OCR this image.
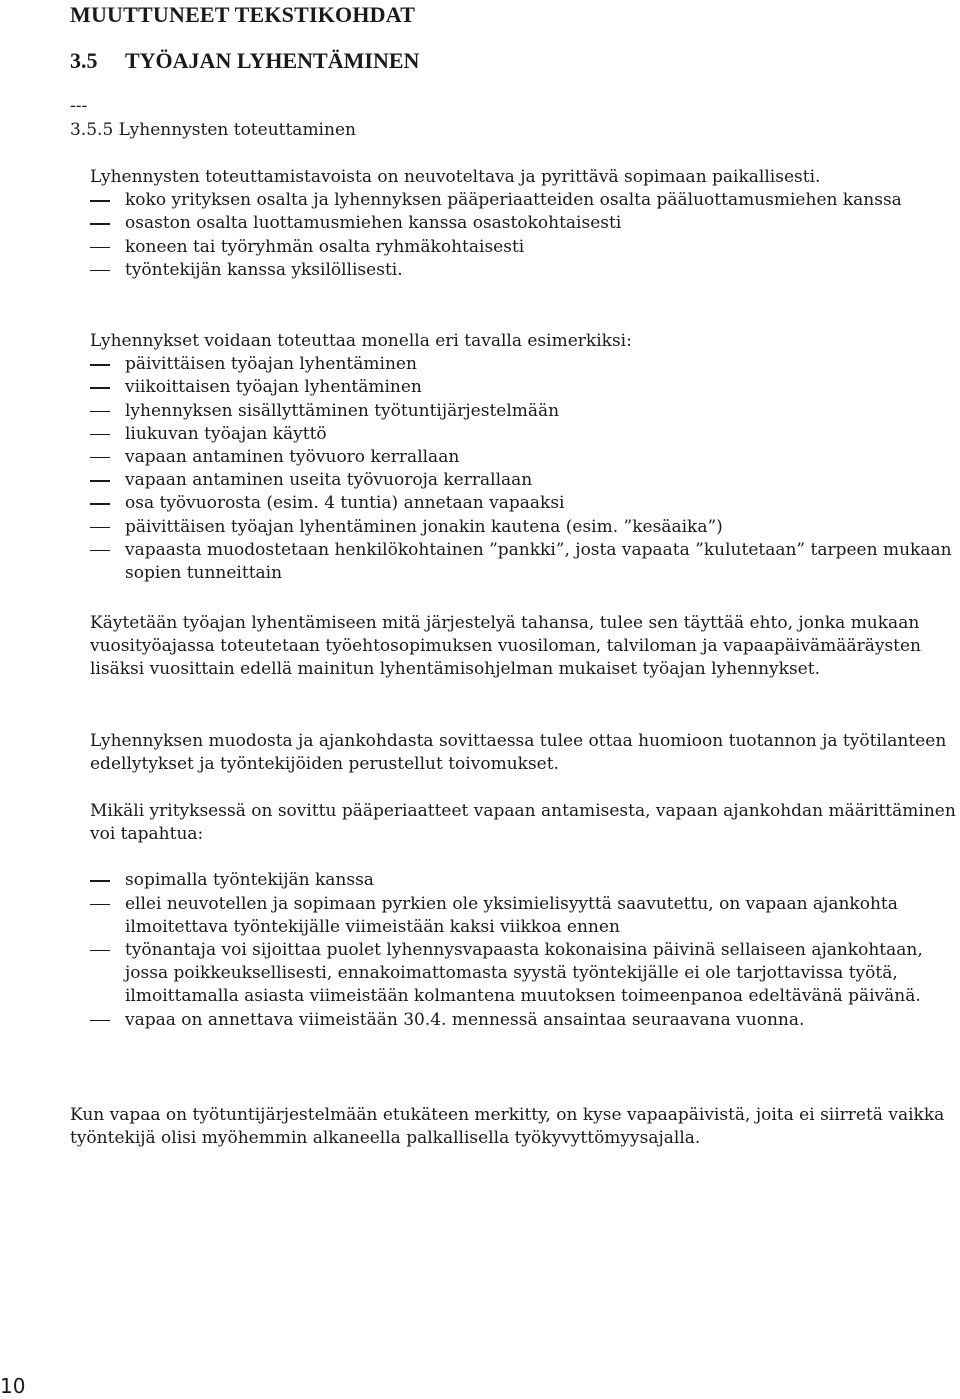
MUUTTUNEET TEKSTIKOHDAT
3.5 TYÖAJAN LYHENTÄMINEN
---
3.5.5 Lyhennysten toteuttaminen

Lyhennysten toteuttamistavoista on neuvoteltava ja pyrittävä sopimaan paikallisesti.

koko yrityksen osalta ja lyhennyksen pääperiaatteiden osalta pääluottamusmiehen kanssa
osaston osalta luottamusmiehen kanssa osastokohtaisesti
koneen tai työryhmän osalta ryhmäkohtaisesti
työntekijän kanssa yksilöllisesti.

Lyhennykset voidaan toteuttaa monella eri tavalla esimerkiksi:

päivittäisen työajan lyhentäminen
viikoittaisen työajan lyhentäminen
lyhennyksen sisällyttäminen työtuntijärjestelmään
liukuvan työajan käyttö
vapaan antaminen työvuoro kerrallaan
vapaan antaminen useita työvuoroja kerrallaan
osa työvuorosta (esim. 4 tuntia) annetaan vapaaksi
päivittäisen työajan lyhentäminen jonakin kautena (esim. ”kesäaika”)
vapaasta muodostetaan henkilökohtainen ”pankki”, josta vapaata ”kulutetaan” tarpeen mukaan sopien tunneittain

Käytetään työajan lyhentämiseen mitä järjestelyä tahansa, tulee sen täyttää ehto, jonka mukaan vuosityöajassa toteutetaan työehtosopimuksen vuosiloman, talviloman ja vapaapäivämääräysten lisäksi vuosittain edellä mainitun lyhentämisohjelman mukaiset työajan lyhennykset.

Lyhennyksen muodosta ja ajankohdasta sovittaessa tulee ottaa huomioon tuotannon ja työtilanteen edellytykset ja työntekijöiden perustellut toivomukset.

Mikäli yrityksessä on sovittu pääperiaatteet vapaan antamisesta, vapaan ajankohdan määrittäminen voi tapahtua:

sopimalla työntekijän kanssa
ellei neuvotellen ja sopimaan pyrkien ole yksimielisyyttä saavutettu, on vapaan ajankohta ilmoitettava työntekijälle viimeistään kaksi viikkoa ennen
työnantaja voi sijoittaa puolet lyhennysvapaasta kokonaisina päivinä sellaiseen ajankohtaan, jossa poikkeuksellisesti, ennakoimattomasta syystä työntekijälle ei ole tarjottavissa työtä, ilmoittamalla asiasta viimeistään kolmantena muutoksen toimeenpanoa edeltävänä päivänä.
vapaa on annettava viimeistään 30.4. mennessä ansaintaa seuraavana vuonna.

Kun vapaa on työtuntijärjestelmään etukäteen merkitty, on kyse vapaapäivistä, joita ei siirretä vaikka työntekijä olisi myöhemmin alkaneella palkallisella työkyvyttömyysajalla.

10
